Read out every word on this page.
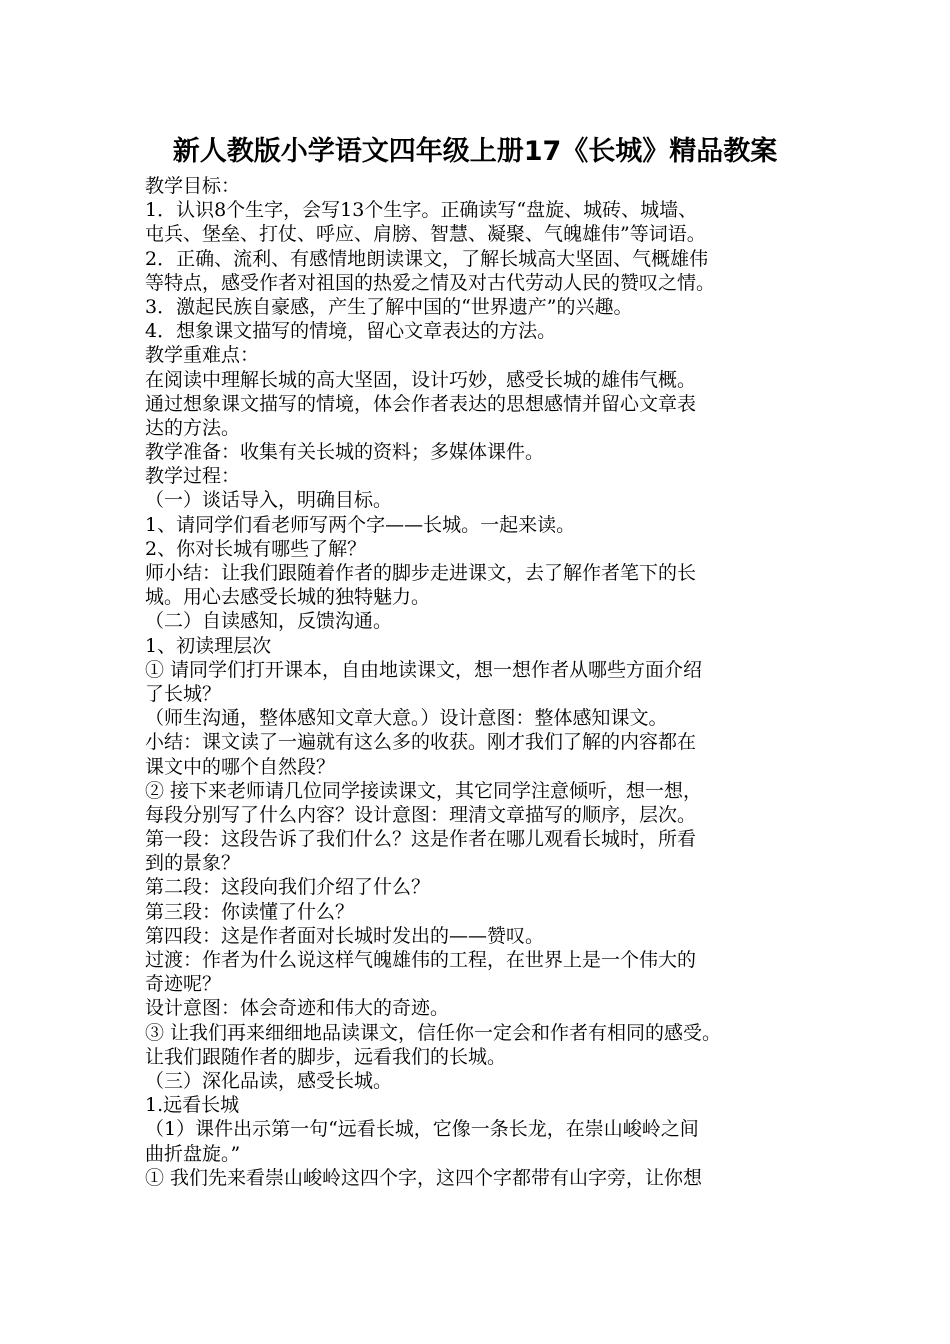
新人教版小学语文四年级上册17《长城》精品教案
教学目标：
1．认识8个生字，会写13个生字。正确读写“盘旋、城砖、城墙、
屯兵、堡垒、打仗、呼应、肩膀、智慧、凝聚、气魄雄伟”等词语。
2．正确、流利、有感情地朗读课文，了解长城高大坚固、气概雄伟
等特点，感受作者对祖国的热爱之情及对古代劳动人民的赞叹之情。
3．激起民族自豪感，产生了解中国的“世界遗产”的兴趣。
4．想象课文描写的情境，留心文章表达的方法。
教学重难点：
在阅读中理解长城的高大坚固，设计巧妙，感受长城的雄伟气概。
通过想象课文描写的情境，体会作者表达的思想感情并留心文章表
达的方法。
教学准备：收集有关长城的资料；多媒体课件。
教学过程：
（一）谈话导入，明确目标。
1、请同学们看老师写两个字——长城。一起来读。
2、你对长城有哪些了解？
师小结：让我们跟随着作者的脚步走进课文，去了解作者笔下的长
城。用心去感受长城的独特魅力。
（二）自读感知，反馈沟通。
1、初读理层次
① 请同学们打开课本，自由地读课文，想一想作者从哪些方面介绍
了长城？
（师生沟通，整体感知文章大意。）设计意图：整体感知课文。
小结：课文读了一遍就有这么多的收获。刚才我们了解的内容都在
课文中的哪个自然段？
② 接下来老师请几位同学接读课文，其它同学注意倾听，想一想，
每段分别写了什么内容？设计意图：理清文章描写的顺序，层次。
第一段：这段告诉了我们什么？这是作者在哪儿观看长城时，所看
到的景象？
第二段：这段向我们介绍了什么？
第三段：你读懂了什么？
第四段：这是作者面对长城时发出的——赞叹。
过渡：作者为什么说这样气魄雄伟的工程，在世界上是一个伟大的
奇迹呢？
设计意图：体会奇迹和伟大的奇迹。
③ 让我们再来细细地品读课文，信任你一定会和作者有相同的感受。
让我们跟随作者的脚步，远看我们的长城。
（三）深化品读，感受长城。
1.远看长城
（1）课件出示第一句“远看长城，它像一条长龙，在崇山峻岭之间
曲折盘旋。”
① 我们先来看崇山峻岭这四个字，这四个字都带有山字旁，让你想
